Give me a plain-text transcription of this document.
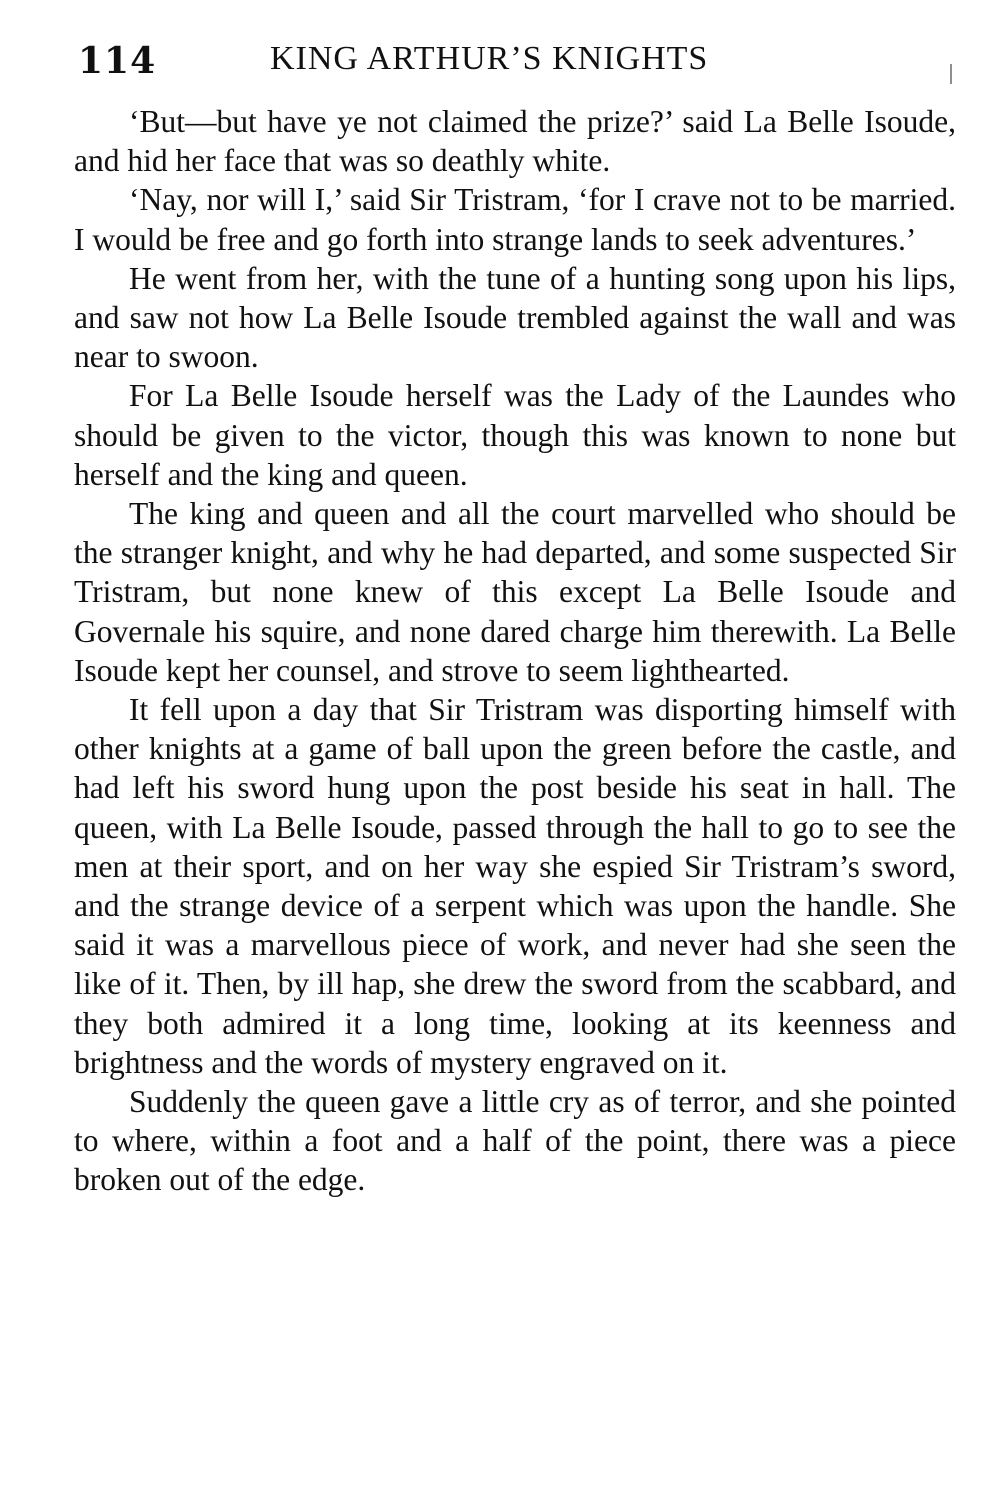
114	KING ARTHUR’S KNIGHTS

‘But—but have ye not claimed the prize?’ said La Belle Isoude, and hid her face that was so deathly white.

‘Nay, nor will I,’ said Sir Tristram, ‘for I crave not to be married. I would be free and go forth into strange lands to seek adventures.’

He went from her, with the tune of a hunting song upon his lips, and saw not how La Belle Isoude trembled against the wall and was near to swoon.

For La Belle Isoude herself was the Lady of the Laundes who should be given to the victor, though this was known to none but herself and the king and queen.

The king and queen and all the court marvelled who should be the stranger knight, and why he had departed, and some suspected Sir Tristram, but none knew of this except La Belle Isoude and Governale his squire, and none dared charge him therewith. La Belle Isoude kept her counsel, and strove to seem lighthearted.

It fell upon a day that Sir Tristram was disporting himself with other knights at a game of ball upon the green before the castle, and had left his sword hung upon the post beside his seat in hall. The queen, with La Belle Isoude, passed through the hall to go to see the men at their sport, and on her way she espied Sir Tristram’s sword, and the strange device of a serpent which was upon the handle. She said it was a marvellous piece of work, and never had she seen the like of it. Then, by ill hap, she drew the sword from the scabbard, and they both admired it a long time, looking at its keenness and brightness and the words of mystery engraved on it.

Suddenly the queen gave a little cry as of terror, and she pointed to where, within a foot and a half of the point, there was a piece broken out of the edge.
